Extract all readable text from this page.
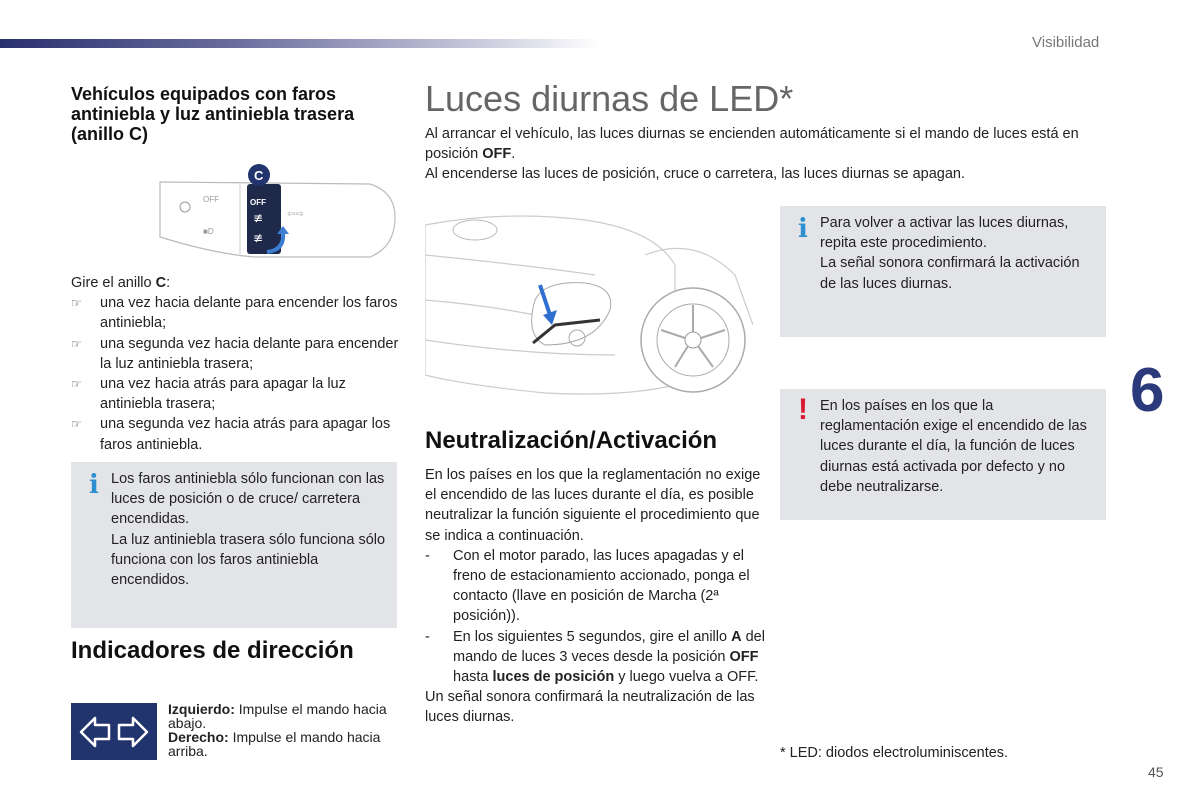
Visibilidad
6
45
Vehículos equipados con faros antiniebla y luz antiniebla trasera (anillo C)
OFF
■D
OFF
≢
≢
C
⇦⇨

Gire el anillo C:

☞ una vez hacia delante para encender los faros antiniebla;
☞ una segunda vez hacia delante para encender la luz antiniebla trasera;
☞ una vez hacia atrás para apagar la luz antiniebla trasera;
☞ una segunda vez hacia atrás para apagar los faros antiniebla.
i Los faros antiniebla sólo funcionan con las luces de posición o de cruce/ carretera encendidas.

La luz antiniebla trasera sólo funciona sólo funciona con los faros antiniebla encendidos.

Indicadores de dirección
Izquierdo: Impulse el mando hacia abajo.
Derecho: Impulse el mando hacia arriba.
Luces diurnas de LED*

Al arrancar el vehículo, las luces diurnas se encienden automáticamente si el mando de luces está en posición OFF.

Al encenderse las luces de posición, cruce o carretera, las luces diurnas se apagan.

i Para volver a activar las luces diurnas, repita este procedimiento.

La señal sonora confirmará la activación de las luces diurnas.

! En los países en los que la reglamentación exige el encendido de las luces durante el día, la función de luces diurnas está activada por defecto y no debe neutralizarse.

Neutralización/Activación

En los países en los que la reglamentación no exige el encendido de las luces durante el día, es posible neutralizar la función siguiente el procedimiento que se indica a continuación.

- Con el motor parado, las luces apagadas y el freno de estacionamiento accionado, ponga el contacto (llave en posición de Marcha (2ª posición)).
- En los siguientes 5 segundos, gire el anillo A del mando de luces 3 veces desde la posición OFF hasta luces de posición y luego vuelva a OFF.

Un señal sonora confirmará la neutralización de las luces diurnas.

* LED: diodos electroluminiscentes.
